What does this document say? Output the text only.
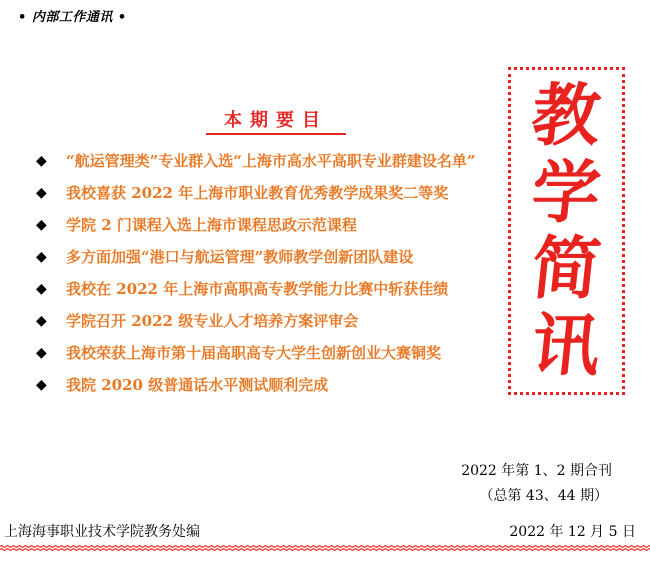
• 内部工作通讯 •
本期要目	教
学
简
讯
◆ “航运管理类”专业群入选“上海市高水平高职专业群建设名单”
◆ 我校喜获 2022 年上海市职业教育优秀教学成果奖二等奖
◆ 学院 2 门课程入选上海市课程思政示范课程
◆ 多方面加强“港口与航运管理”教师教学创新团队建设
◆ 我校在 2022 年上海市高职高专教学能力比赛中斩获佳绩
◆ 学院召开 2022 级专业人才培养方案评审会
◆ 我校荣获上海市第十届高职高专大学生创新创业大赛铜奖
◆ 我院 2020 级普通话水平测试顺利完成
2022 年第 1、2 期合刊
（总第 43、44 期）
上海海事职业技术学院教务处编	2022 年 12 月 5 日
